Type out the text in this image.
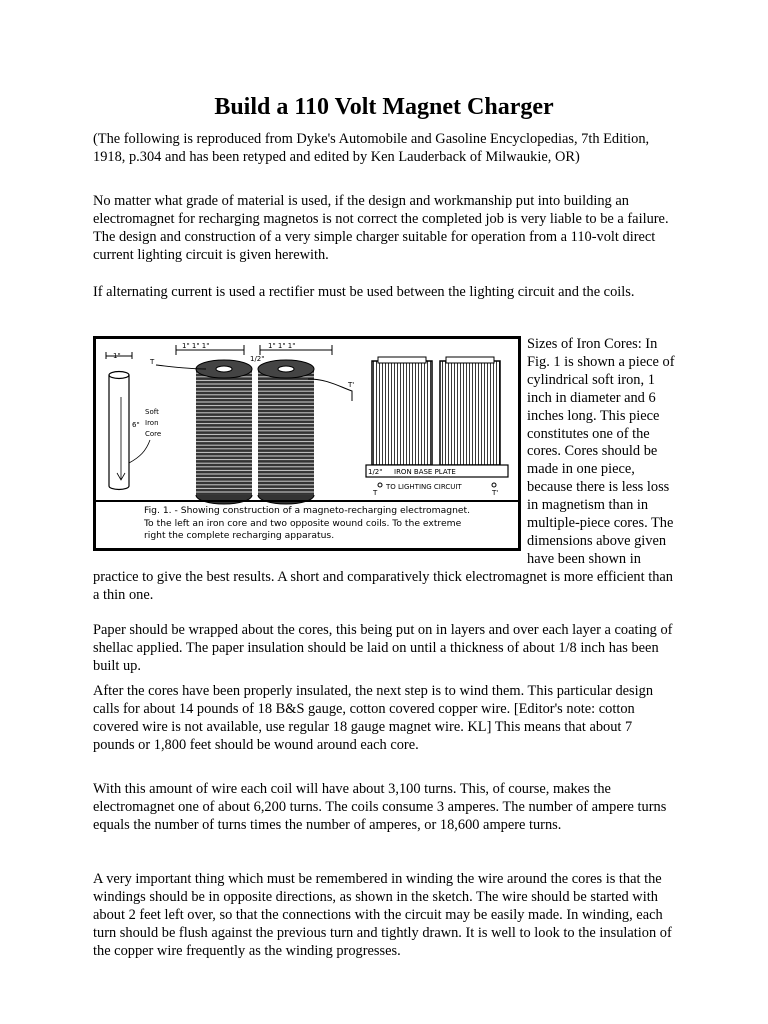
Build a 110 Volt Magnet Charger

(The following is reproduced from Dyke's Automobile and Gasoline Encyclopedias, 7th Edition, 1918, p.304 and has been retyped and edited by Ken Lauderback of Milwaukie, OR)

No matter what grade of material is used, if the design and workmanship put into building an electromagnet for recharging magnetos is not correct the completed job is very liable to be a failure. The design and construction of a very simple charger suitable for operation from a 110-volt direct current lighting circuit is given herewith.

If alternating current is used a rectifier must be used between the lighting circuit and the coils.

1"
6"
Soft
Iron
Core
1" 1" 1"	1" 1" 1"
1/2"
T
T'
IRON BASE PLATE
1/2"
TO LIGHTING CIRCUIT
T	T'
Fig. 1. - Showing construction of a magneto-recharging electromagnet.
To the left an iron core and two opposite wound coils. To the extreme
right the complete recharging apparatus.
Sizes of Iron Cores: In Fig. 1 is shown a piece of cylindrical soft iron, 1 inch in diameter and 6 inches long. This piece constitutes one of the cores. Cores should be made in one piece, because there is less loss in magnetism than in multiple-piece cores. The dimensions above given have been shown in practice to give the best results. A short and comparatively thick electromagnet is more efficient than a thin one.

Paper should be wrapped about the cores, this being put on in layers and over each layer a coating of shellac applied. The paper insulation should be laid on until a thickness of about 1/8 inch has been built up.

After the cores have been properly insulated, the next step is to wind them. This particular design calls for about 14 pounds of 18 B&S gauge, cotton covered copper wire. [Editor's note: cotton covered wire is not available, use regular 18 gauge magnet wire. KL] This means that about 7 pounds or 1,800 feet should be wound around each core.

With this amount of wire each coil will have about 3,100 turns. This, of course, makes the electromagnet one of about 6,200 turns. The coils consume 3 amperes. The number of ampere turns equals the number of turns times the number of amperes, or 18,600 ampere turns.

A very important thing which must be remembered in winding the wire around the cores is that the windings should be in opposite directions, as shown in the sketch. The wire should be started with about 2 feet left over, so that the connections with the circuit may be easily made. In winding, each turn should be flush against the previous turn and tightly drawn. It is well to look to the insulation of the copper wire frequently as the winding progresses.
